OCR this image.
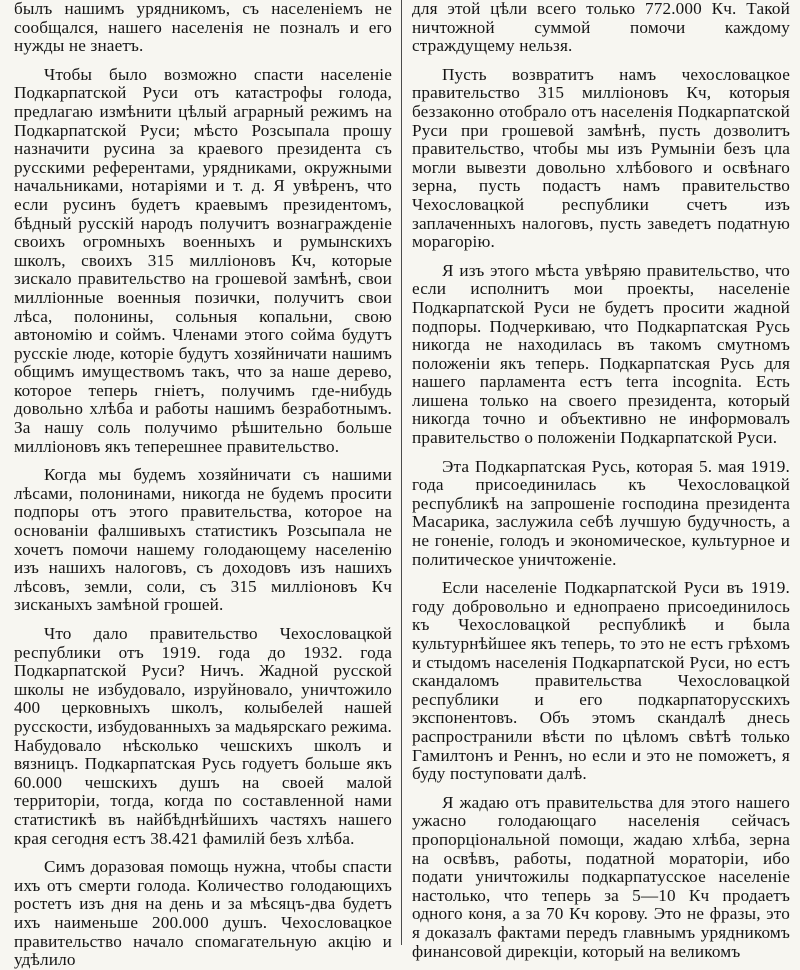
былъ нашимъ урядникомъ, съ населеніемъ не сообщался, нашего населенія не позналъ и его нужды не знаетъ.

Чтобы было возможно спасти населеніе Подкарпатской Руси отъ катастрофы голода, предлагаю измѣнити цѣлый аграрный режимъ на Подкарпатской Руси; мѣсто Розсыпала прошу назначити русина за краевого президента съ русскими референтами, урядниками, окружными начальниками, нотаріями и т. д. Я увѣренъ, что если русинъ будетъ краевымъ президентомъ, бѣдный русскій народъ получитъ вознагражденіе своихъ огромныхъ военныхъ и румынскихъ школъ, своихъ 315 милліоновъ Кч, которые зискало правительство на грошевой замѣнѣ, свои милліонные военныя позички, получитъ свои лѣса, полонины, сольныя копальни, свою автономію и соймъ. Членами этого сойма будутъ русскіе люде, которіе будутъ хозяйничати нашимъ общимъ имуществомъ такъ, что за наше дерево, которое теперь гніетъ, получимъ где-нибудь довольно хлѣба и работы нашимъ безработнымъ. За нашу соль получимо рѣшительно больше милліоновъ якъ теперешнее правительство.

Когда мы будемъ хозяйничати съ нашими лѣсами, полонинами, никогда не будемъ просити подпоры отъ этого правительства, которое на основаніи фалшивыхъ статистикъ Розсыпала не хочетъ помочи нашему голодающему населенію изъ нашихъ налоговъ, съ доходовъ изъ нашихъ лѣсовъ, земли, соли, съ 315 милліоновъ Кч зисканыхъ замѣной грошей.

Что дало правительство Чехословацкой республики отъ 1919. года до 1932. года Подкарпатской Руси? Ничъ. Жадной русской школы не избудовало, изруйновало, уничтожило 400 церковныхъ школъ, колыбелей нашей русскости, избудованныхъ за мадьярскаго режима. Набудовало нѣсколько чешскихъ школъ и вязницъ. Подкарпатская Русь годуетъ больше якъ 60.000 чешскихъ душъ на своей малой территоріи, тогда, когда по составленной нами статистикѣ въ найбѣднѣйшихъ частяхъ нашего края сегодня естъ 38.421 фамилій безъ хлѣба.

Симъ доразовая помощь нужна, чтобы спасти ихъ отъ смерти голода. Количество голодающихъ ростетъ изъ дня на день и за мѣсяцъ-два будетъ ихъ наименьше 200.000 душъ. Чехословацкое правительство начало спомагательную акцію и удѣлило

для этой цѣли всего только 772.000 Кч. Такой ничтожной суммой помочи каждому страждущему нельзя.

Пусть возвратитъ намъ чехословацкое правительство 315 милліоновъ Кч, которыя беззаконно отобрало отъ населенія Подкарпатской Руси при грошевой замѣнѣ, пусть дозволитъ правительство, чтобы мы изъ Румыніи безъ цла могли вывезти довольно хлѣбового и освѣнаго зерна, пусть подастъ намъ правительство Чехословацкой республики счетъ изъ заплаченныхъ налоговъ, пусть заведетъ податную морагорію.

Я изъ этого мѣста увѣряю правительство, что если исполнитъ мои проекты, населеніе Подкарпатской Руси не будетъ просити жадной подпоры. Подчеркиваю, что Подкарпатская Русь никогда не находилась въ такомъ смутномъ положеніи якъ теперь. Подкарпатская Русь для нашего парламента естъ terra incognita. Есть лишена только на своего президента, который никогда точно и объективно не информовалъ правительство о положеніи Подкарпатской Руси.

Эта Подкарпатская Русь, которая 5. мая 1919. года присоединилась къ Чехословацкой республикѣ на запрошеніе господина президента Масарика, заслужила себѣ лучшую будучность, а не гоненіе, голодъ и экономическое, культурное и политическое уничтоженіе.

Если населеніе Подкарпатской Руси въ 1919. году добровольно и еднопраено присоединилось къ Чехословацкой республикѣ и была культурнѣйшее якъ теперь, то это не естъ грѣхомъ и стыдомъ населенія Подкарпатской Руси, но естъ скандаломъ правительства Чехословацкой республики и его подкарпаторусскихъ экспонентовъ. Объ этомъ скандалѣ днесь распространили вѣсти по цѣломъ свѣтѣ только Гамилтонъ и Реннъ, но если и это не поможетъ, я буду поступовати далѣ.

Я жадаю отъ правительства для этого нашего ужасно голодающаго населенія сейчасъ пропорціональной помощи, жадаю хлѣба, зерна на освѣвъ, работы, податной мораторіи, ибо подати уничтожилы подкарпатусское населеніе настолько, что теперь за 5—10 Кч продаетъ одного коня, а за 70 Кч корову. Это не фразы, это я доказалъ фактами передъ главнымъ урядникомъ финансовой дирекціи, который на великомъ
